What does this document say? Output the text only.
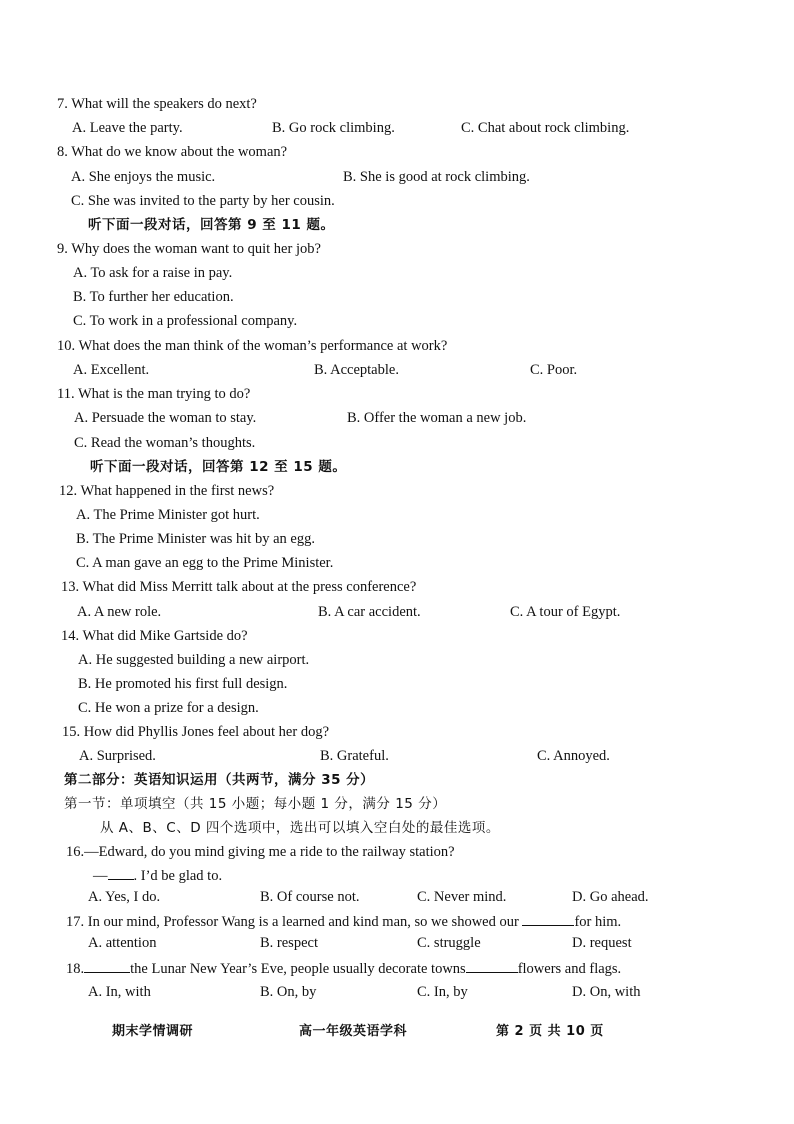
7. What will the speakers do next?
A. Leave the party.	B. Go rock climbing.	C. Chat about rock climbing.
8. What do we know about the woman?
A. She enjoys the music.	B. She is good at rock climbing.
C. She was invited to the party by her cousin.
听下面一段对话，回答第 9 至 11 题。
9. Why does the woman want to quit her job?
A. To ask for a raise in pay.
B. To further her education.
C. To work in a professional company.
10. What does the man think of the woman’s performance at work?
A. Excellent.	B. Acceptable.	C. Poor.
11. What is the man trying to do?
A. Persuade the woman to stay.	B. Offer the woman a new job.
C. Read the woman’s thoughts.
听下面一段对话，回答第 12 至 15 题。
12. What happened in the first news?
A. The Prime Minister got hurt.
B. The Prime Minister was hit by an egg.
C. A man gave an egg to the Prime Minister.
13. What did Miss Merritt talk about at the press conference?
A. A new role.	B. A car accident.	C. A tour of Egypt.
14. What did Mike Gartside do?
A. He suggested building a new airport.
B. He promoted his first full design.
C. He won a prize for a design.
15. How did Phyllis Jones feel about her dog?
A. Surprised.	B. Grateful.	C. Annoyed.
第二部分：英语知识运用（共两节，满分 35 分）
第一节：单项填空（共 15 小题；每小题 1 分，满分 15 分）
从 A、B、C、D 四个选项中，选出可以填入空白处的最佳选项。
16.—Edward, do you mind giving me a ride to the railway station?
— . I’d be glad to.
A. Yes, I do.	B. Of course not.	C. Never mind.	D. Go ahead.
17. In our mind, Professor Wang is a learned and kind man, so we showed our	for him.
A. attention	B. respect	C. struggle	D. request
18.	the Lunar New Year’s Eve, people usually decorate towns	flowers and flags.
A. In, with	B. On, by	C. In, by	D. On, with
期末学情调研	高一年级英语学科	第 2 页 共 10 页
